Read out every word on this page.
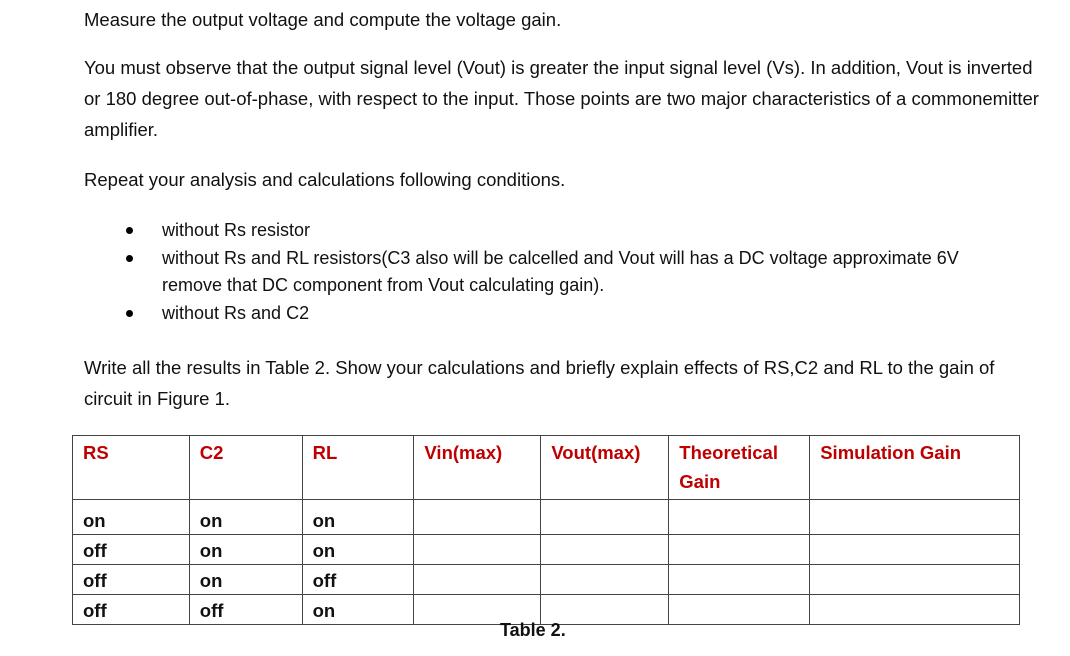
Measure the output voltage and compute the voltage gain.

You must observe that the output signal level (Vout) is greater the input signal level (Vs). In addition, Vout is inverted or 180 degree out-of-phase, with respect to the input. Those points are two major characteristics of a commonemitter amplifier.

Repeat your analysis and calculations following conditions.

without Rs resistor
without Rs and RL resistors(C3 also will be calcelled and Vout will has a DC voltage approximate 6V remove that DC component from Vout calculating gain).
without Rs and C2

Write all the results in Table 2. Show your calculations and briefly explain effects of RS,C2 and RL to the gain of circuit in Figure 1.

RS	C2	RL	Vin(max)	Vout(max)	Theoretical Gain	Simulation Gain
on	on	on				
off	on	on				
off	on	off				
off	off	on				
Table 2.
